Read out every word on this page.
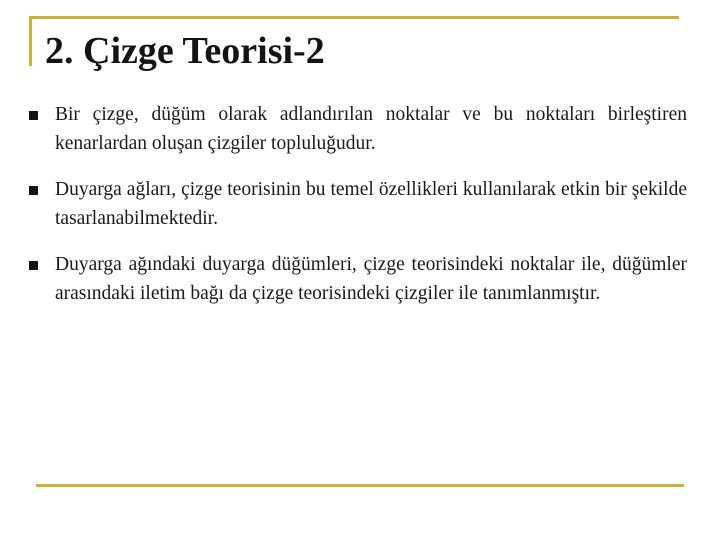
2. Çizge Teorisi-2
Bir çizge, düğüm olarak adlandırılan noktalar ve bu noktaları birleştiren kenarlardan oluşan çizgiler topluluğudur.
Duyarga ağları, çizge teorisinin bu temel özellikleri kullanılarak etkin bir şekilde tasarlanabilmektedir.
Duyarga ağındaki duyarga düğümleri, çizge teorisindeki noktalar ile, düğümler arasındaki iletim bağı da çizge teorisindeki çizgiler ile tanımlanmıştır.
